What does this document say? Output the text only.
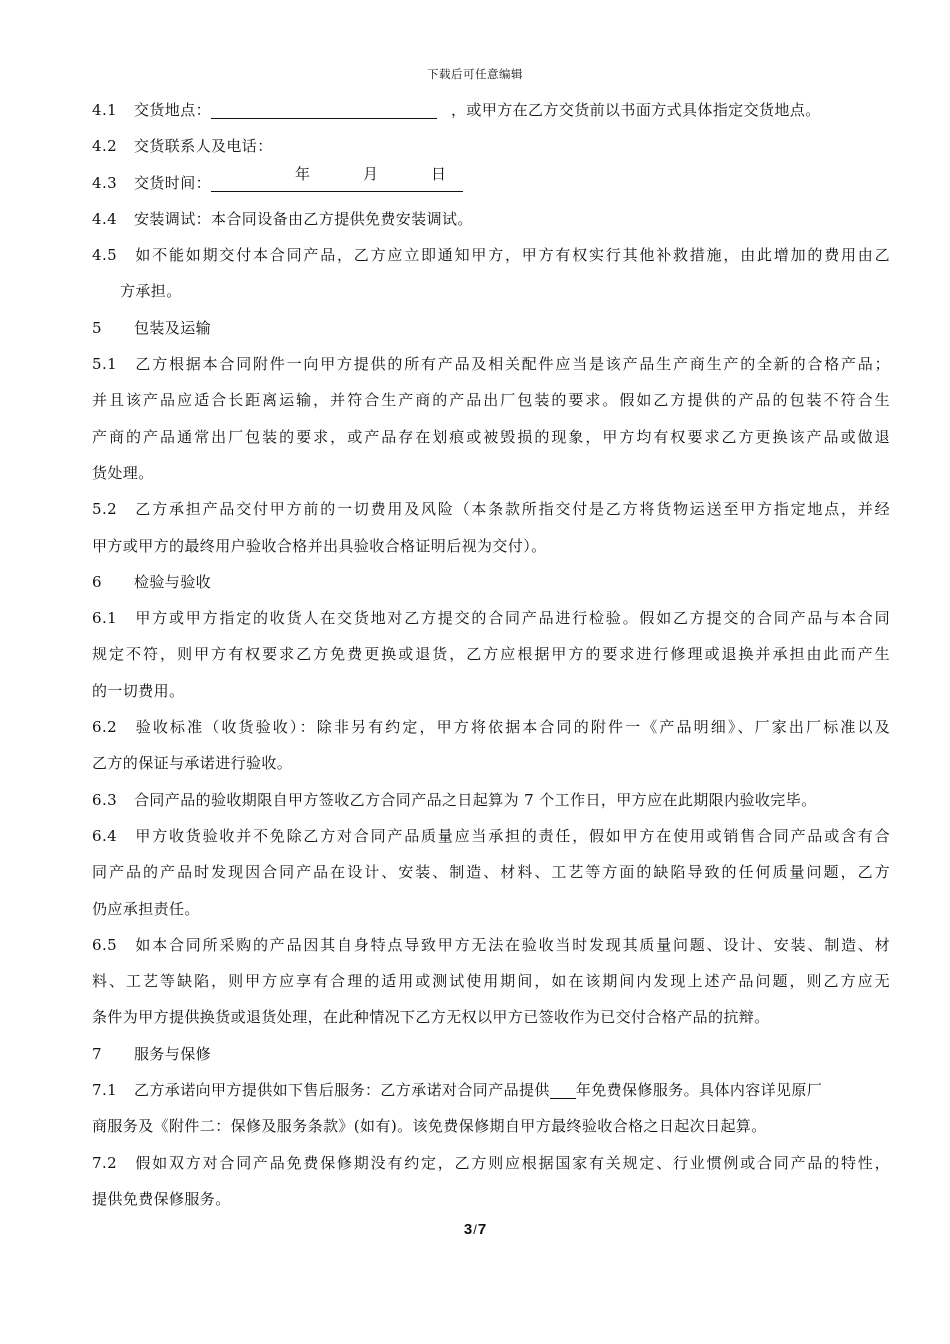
下载后可任意编辑
4.1 交货地点：	，或甲方在乙方交货前以书面方式具体指定交货地点。
4.2 交货联系人及电话：
4.3 交货时间：	年	月	日
4.4 安装调试：本合同设备由乙方提供免费安装调试。
4.5 如不能如期交付本合同产品，乙方应立即通知甲方，甲方有权实行其他补救措施，由此增加的费用由乙
方承担。
5 包装及运输
5.1 乙方根据本合同附件一向甲方提供的所有产品及相关配件应当是该产品生产商生产的全新的合格产品；
并且该产品应适合长距离运输，并符合生产商的产品出厂包装的要求。假如乙方提供的产品的包装不符合生
产商的产品通常出厂包装的要求，或产品存在划痕或被毁损的现象，甲方均有权要求乙方更换该产品或做退
货处理。
5.2 乙方承担产品交付甲方前的一切费用及风险（本条款所指交付是乙方将货物运送至甲方指定地点，并经
甲方或甲方的最终用户验收合格并出具验收合格证明后视为交付）。
6 检验与验收
6.1 甲方或甲方指定的收货人在交货地对乙方提交的合同产品进行检验。假如乙方提交的合同产品与本合同
规定不符，则甲方有权要求乙方免费更换或退货，乙方应根据甲方的要求进行修理或退换并承担由此而产生
的一切费用。
6.2 验收标准（收货验收）：除非另有约定，甲方将依据本合同的附件一《产品明细》、厂家出厂标准以及
乙方的保证与承诺进行验收。
6.3 合同产品的验收期限自甲方签收乙方合同产品之日起算为 7 个工作日，甲方应在此期限内验收完毕。
6.4 甲方收货验收并不免除乙方对合同产品质量应当承担的责任，假如甲方在使用或销售合同产品或含有合
同产品的产品时发现因合同产品在设计、安装、制造、材料、工艺等方面的缺陷导致的任何质量问题，乙方
仍应承担责任。
6.5 如本合同所采购的产品因其自身特点导致甲方无法在验收当时发现其质量问题、设计、安装、制造、材
料、工艺等缺陷，则甲方应享有合理的适用或测试使用期间，如在该期间内发现上述产品问题，则乙方应无
条件为甲方提供换货或退货处理，在此种情况下乙方无权以甲方已签收作为已交付合格产品的抗辩。
7 服务与保修
7.1 乙方承诺向甲方提供如下售后服务：乙方承诺对合同产品提供 年免费保修服务。具体内容详见原厂
商服务及《附件二：保修及服务条款》(如有)。该免费保修期自甲方最终验收合格之日起次日起算。
7.2 假如双方对合同产品免费保修期没有约定，乙方则应根据国家有关规定、行业惯例或合同产品的特性，
提供免费保修服务。
3/7
